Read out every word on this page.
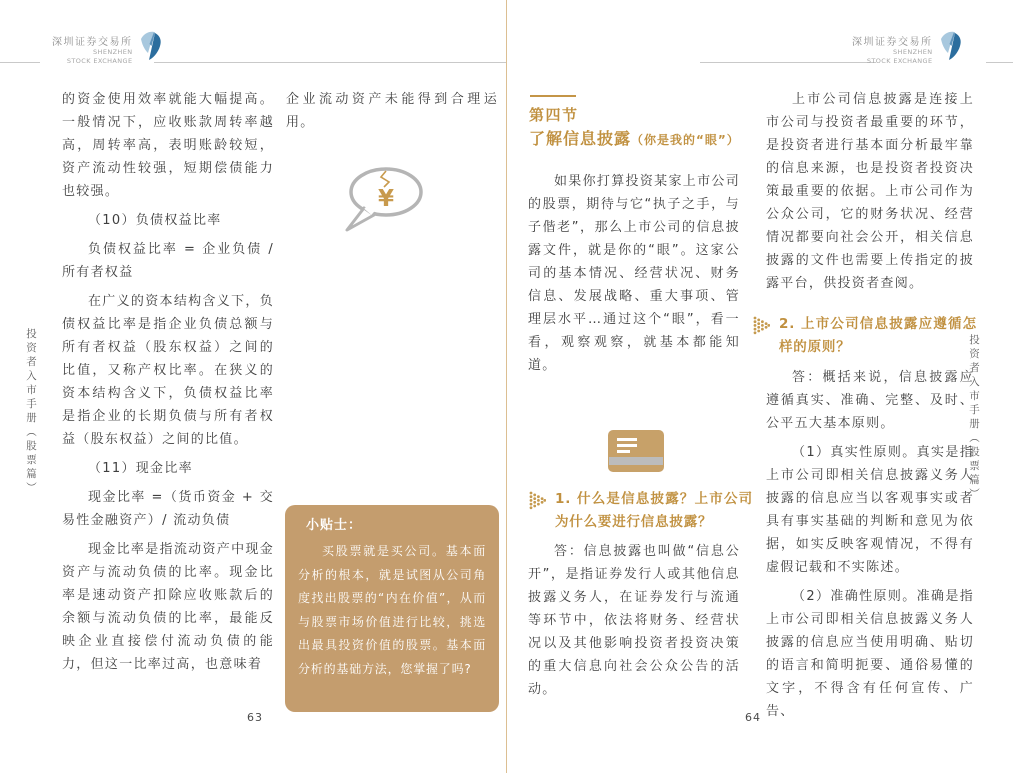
深圳证券交易所
SHENZHEN
STOCK EXCHANGE
深圳证券交易所
SHENZHEN
STOCK EXCHANGE
投资者入市手册（股票篇）	投资者入市手册（股票篇）

的资金使用效率就能大幅提高。一般情况下，应收账款周转率越高，周转率高，表明账龄较短，资产流动性较强，短期偿债能力也较强。

（10）负债权益比率

负债权益比率 = 企业负债 / 所有者权益

在广义的资本结构含义下，负债权益比率是指企业负债总额与所有者权益（股东权益）之间的比值，又称产权比率。在狭义的资本结构含义下，负债权益比率是指企业的长期负债与所有者权益（股东权益）之间的比值。

（11）现金比率

现金比率 =（货币资金 + 交易性金融资产）/ 流动负债

现金比率是指流动资产中现金资产与流动负债的比率。现金比率是速动资产扣除应收账款后的余额与流动负债的比率，最能反映企业直接偿付流动负债的能力，但这一比率过高，也意味着

企业流动资产未能得到合理运用。

¥
小贴士：

买股票就是买公司。基本面分析的根本，就是试图从公司角度找出股票的“内在价值”，从而与股票市场价值进行比较，挑选出最具投资价值的股票。基本面分析的基础方法，您掌握了吗?

63
第四节
了解信息披露（你是我的“眼”）

如果你打算投资某家上市公司的股票，期待与它“执子之手，与子偕老”，那么上市公司的信息披露文件，就是你的“眼”。这家公司的基本情况、经营状况、财务信息、发展战略、重大事项、管理层水平…通过这个“眼”，看一看，观察观察，就基本都能知道。

1. 什么是信息披露？上市公司为什么要进行信息披露？

答：信息披露也叫做“信息公开”，是指证券发行人或其他信息披露义务人，在证券发行与流通等环节中，依法将财务、经营状况以及其他影响投资者投资决策的重大信息向社会公众公告的活动。

上市公司信息披露是连接上市公司与投资者最重要的环节，是投资者进行基本面分析最牢靠的信息来源，也是投资者投资决策最重要的依据。上市公司作为公众公司，它的财务状况、经营情况都要向社会公开，相关信息披露的文件也需要上传指定的披露平台，供投资者查阅。

2. 上市公司信息披露应遵循怎样的原则？

答：概括来说，信息披露应遵循真实、准确、完整、及时、公平五大基本原则。

（1）真实性原则。真实是指上市公司即相关信息披露义务人披露的信息应当以客观事实或者具有事实基础的判断和意见为依据，如实反映客观情况，不得有虚假记载和不实陈述。

（2）准确性原则。准确是指上市公司即相关信息披露义务人披露的信息应当使用明确、贴切的语言和简明扼要、通俗易懂的文字，不得含有任何宣传、广告、

64
